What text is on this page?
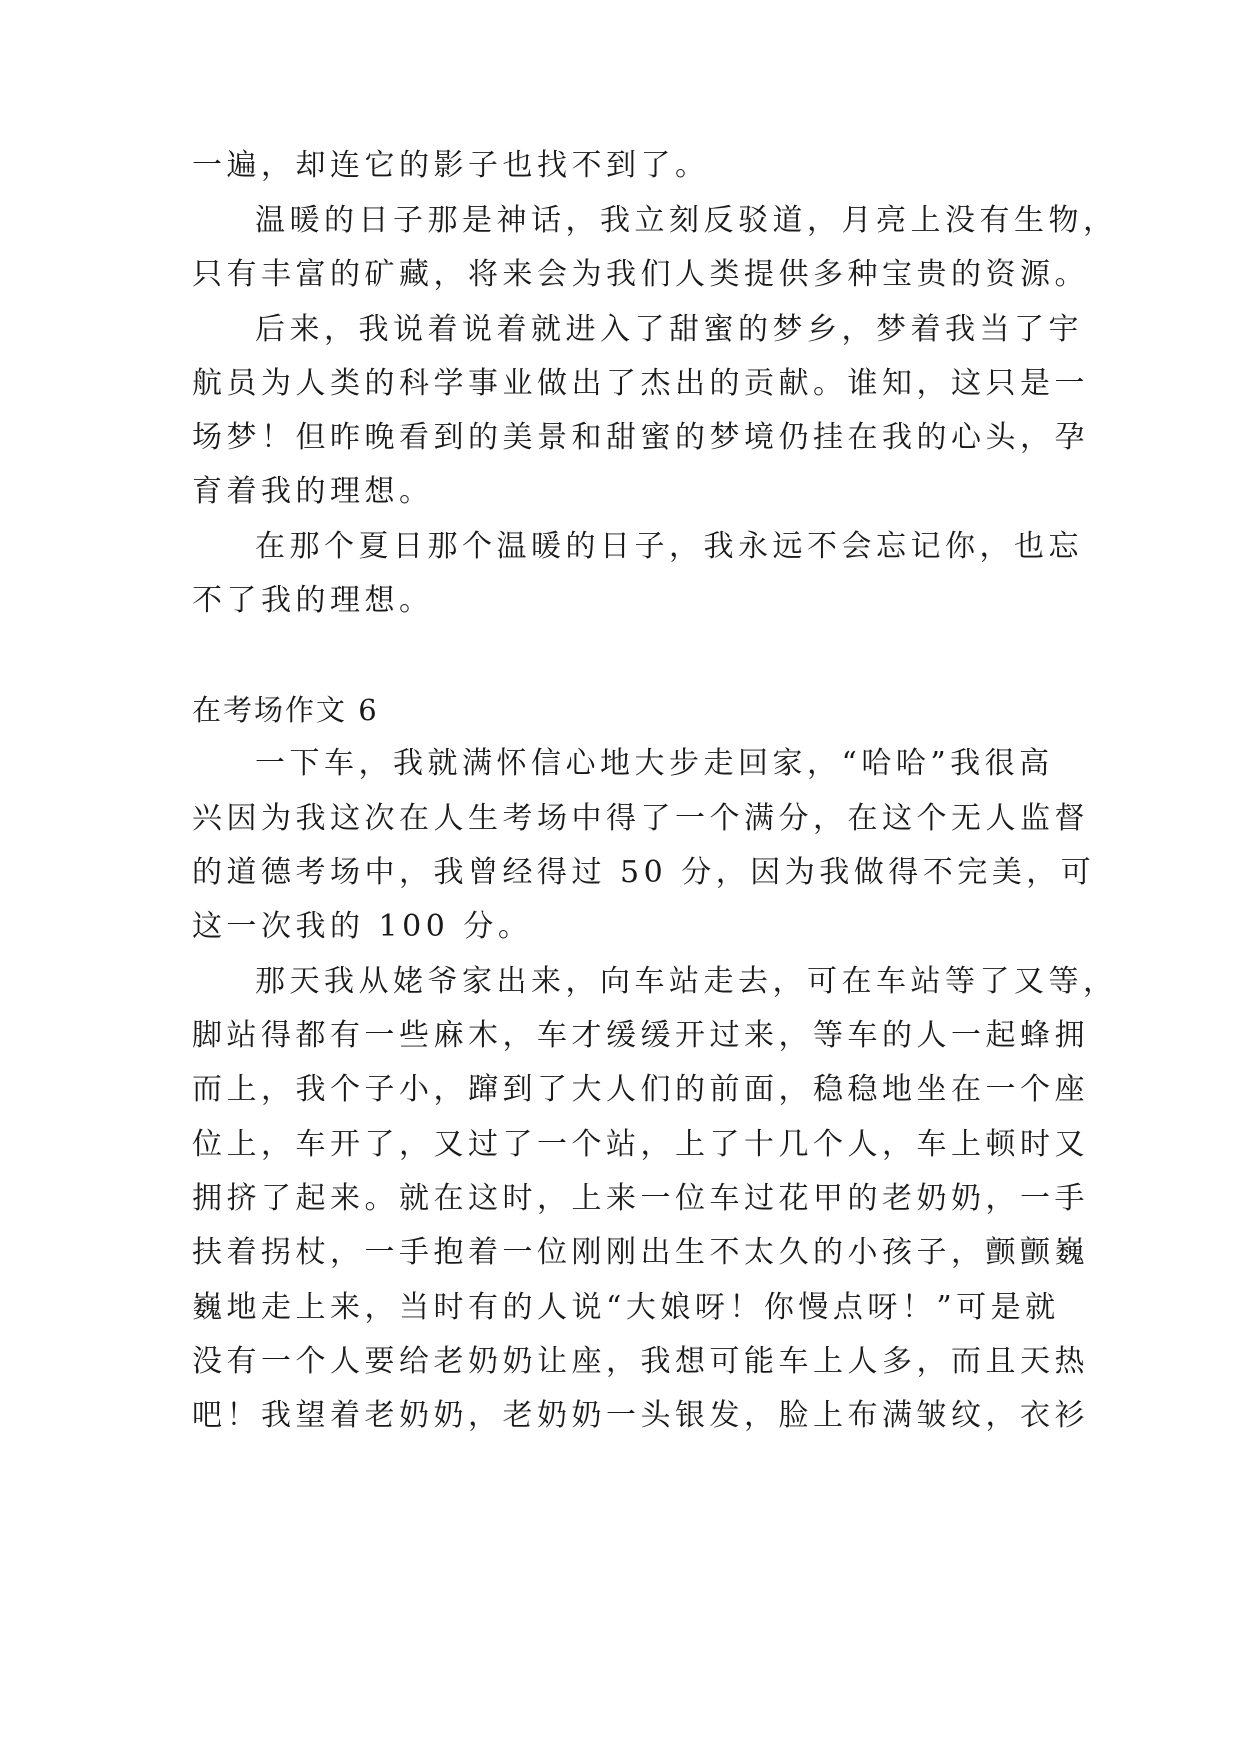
一遍，却连它的影子也找不到了。
温暖的日子那是神话，我立刻反驳道，月亮上没有生物，
只有丰富的矿藏，将来会为我们人类提供多种宝贵的资源。
后来，我说着说着就进入了甜蜜的梦乡，梦着我当了宇
航员为人类的科学事业做出了杰出的贡献。谁知，这只是一
场梦！但昨晚看到的美景和甜蜜的梦境仍挂在我的心头，孕
育着我的理想。
在那个夏日那个温暖的日子，我永远不会忘记你，也忘
不了我的理想。
在考场作文 6
一下车，我就满怀信心地大步走回家，“哈哈”我很高
兴因为我这次在人生考场中得了一个满分，在这个无人监督
的道德考场中，我曾经得过 50 分，因为我做得不完美，可
这一次我的 100 分。
那天我从姥爷家出来，向车站走去，可在车站等了又等，
脚站得都有一些麻木，车才缓缓开过来，等车的人一起蜂拥
而上，我个子小，蹿到了大人们的前面，稳稳地坐在一个座
位上，车开了，又过了一个站，上了十几个人，车上顿时又
拥挤了起来。就在这时，上来一位车过花甲的老奶奶，一手
扶着拐杖，一手抱着一位刚刚出生不太久的小孩子，颤颤巍
巍地走上来，当时有的人说“大娘呀！你慢点呀！”可是就
没有一个人要给老奶奶让座，我想可能车上人多，而且天热
吧！我望着老奶奶，老奶奶一头银发，脸上布满皱纹，衣衫
